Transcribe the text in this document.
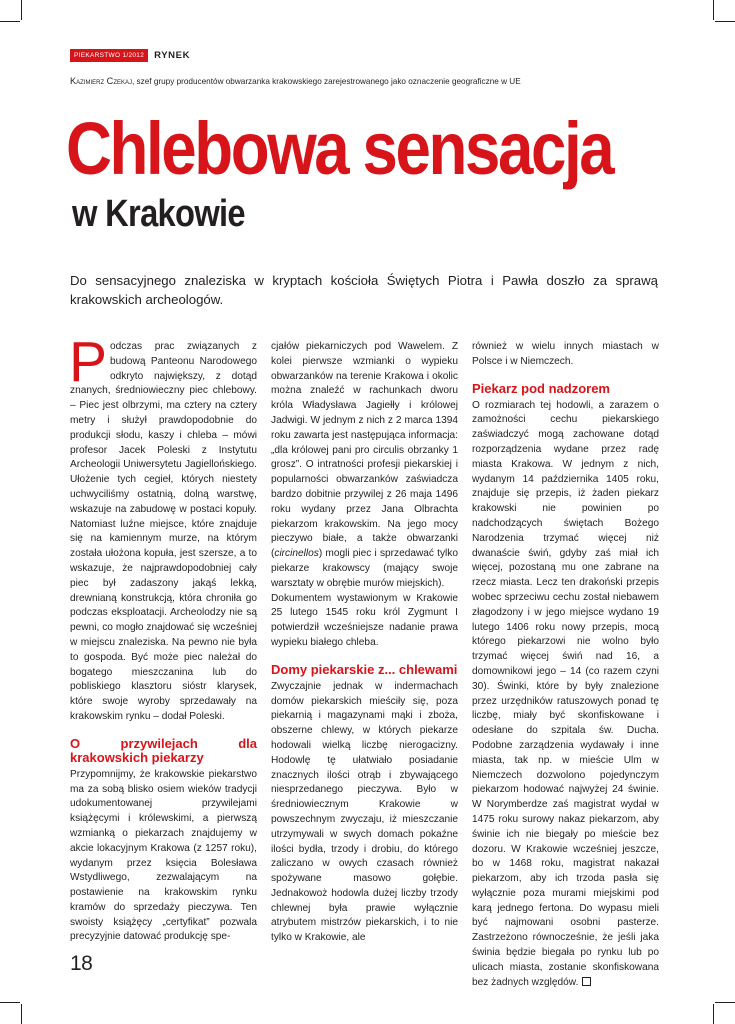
PIEKARSTWO 1/2012	RYNEK
Kazimierz Czekaj, szef grupy producentów obwarzanka krakowskiego zarejestrowanego jako oznaczenie geograficzne w UE
Chlebowa sensacja
w Krakowie
Do sensacyjnego znaleziska w kryptach kościoła Świętych Piotra i Pawła doszło za sprawą krakowskich archeologów.

Podczas prac związanych z budową Panteonu Narodowego odkryto największy, z dotąd znanych, średniowieczny piec chlebowy. – Piec jest olbrzymi, ma cztery na cztery metry i służył prawdopodobnie do produkcji słodu, kaszy i chleba – mówi profesor Jacek Poleski z Instytutu Archeologii Uniwersytetu Jagiellońskiego. Ułożenie tych cegieł, których niestety uchwyciliśmy ostatnią, dolną warstwę, wskazuje na zabudowę w postaci kopuły. Natomiast luźne miejsce, które znajduje się na kamiennym murze, na którym została ułożona kopuła, jest szersze, a to wskazuje, że najprawdopodobniej cały piec był zadaszony jakąś lekką, drewnianą konstrukcją, która chroniła go podczas eksploatacji. Archeolodzy nie są pewni, co mogło znajdować się wcześniej w miejscu znaleziska. Na pewno nie była to gospoda. Być może piec należał do bogatego mieszczanina lub do pobliskiego klasztoru sióstr klarysek, które swoje wyroby sprzedawały na krakowskim rynku – dodał Poleski.

O przywilejach dla krakowskich piekarzy

Przypomnijmy, że krakowskie piekarstwo ma za sobą blisko osiem wieków tradycji udokumentowanej przywilejami książęcymi i królewskimi, a pierwszą wzmianką o piekarzach znajdujemy w akcie lokacyjnym Krakowa (z 1257 roku), wydanym przez księcia Bolesława Wstydliwego, zezwalającym na postawienie na krakowskim rynku kramów do sprzedaży pieczywa. Ten swoisty książęcy „certyfikat” pozwala precyzyjnie datować produkcję spe-

cjałów piekarniczych pod Wawelem. Z kolei pierwsze wzmianki o wypieku obwarzanków na terenie Krakowa i okolic można znaleźć w rachunkach dworu króla Władysława Jagiełły i królowej Jadwigi. W jednym z nich z 2 marca 1394 roku zawarta jest następująca informacja: „dla królowej pani pro circulis obrzanky 1 grosz”. O intratności profesji piekarskiej i popularności obwarzanków zaświadcza bardzo dobitnie przywilej z 26 maja 1496 roku wydany przez Jana Olbrachta piekarzom krakowskim. Na jego mocy pieczywo białe, a także obwarzanki (circinellos) mogli piec i sprzedawać tylko piekarze krakowscy (mający swoje warsztaty w obrębie murów miejskich).

Dokumentem wystawionym w Krakowie 25 lutego 1545 roku król Zygmunt I potwierdził wcześniejsze nadanie prawa wypieku białego chleba.

Domy piekarskie z... chlewami

Zwyczajnie jednak w indermachach domów piekarskich mieściły się, poza piekarnią i magazynami mąki i zboża, obszerne chlewy, w których piekarze hodowali wielką liczbę nierogacizny. Hodowlę tę ułatwiało posiadanie znacznych ilości otrąb i zbywającego niesprzedanego pieczywa. Było w średniowiecznym Krakowie w powszechnym zwyczaju, iż mieszczanie utrzymywali w swych domach pokaźne ilości bydła, trzody i drobiu, do którego zaliczano w owych czasach również spożywane masowo gołębie. Jednakowoż hodowla dużej liczby trzody chlewnej była prawie wyłącznie atrybutem mistrzów piekarskich, i to nie tylko w Krakowie, ale

również w wielu innych miastach w Polsce i w Niemczech.

Piekarz pod nadzorem

O rozmiarach tej hodowli, a zarazem o zamożności cechu piekarskiego zaświadczyć mogą zachowane dotąd rozporządzenia wydane przez radę miasta Krakowa. W jednym z nich, wydanym 14 października 1405 roku, znajduje się przepis, iż żaden piekarz krakowski nie powinien po nadchodzących świętach Bożego Narodzenia trzymać więcej niż dwanaście świń, gdyby zaś miał ich więcej, pozostaną mu one zabrane na rzecz miasta. Lecz ten drakoński przepis wobec sprzeciwu cechu został niebawem złagodzony i w jego miejsce wydano 19 lutego 1406 roku nowy przepis, mocą którego piekarzowi nie wolno było trzymać więcej świń nad 16, a domownikowi jego – 14 (co razem czyni 30). Świnki, które by były znalezione przez urzędników ratuszowych ponad tę liczbę, miały być skonfiskowane i odesłane do szpitala św. Ducha. Podobne zarządzenia wydawały i inne miasta, tak np. w mieście Ulm w Niemczech dozwolono pojedynczym piekarzom hodować najwyżej 24 świnie. W Norymberdze zaś magistrat wydał w 1475 roku surowy nakaz piekarzom, aby świnie ich nie biegały po mieście bez dozoru. W Krakowie wcześniej jeszcze, bo w 1468 roku, magistrat nakazał piekarzom, aby ich trzoda pasła się wyłącznie poza murami miejskimi pod karą jednego fertona. Do wypasu mieli być najmowani osobni pasterze. Zastrzeżono równocześnie, że jeśli jaka świnia będzie biegała po rynku lub po ulicach miasta, zostanie skonfiskowana bez żadnych względów.

18
